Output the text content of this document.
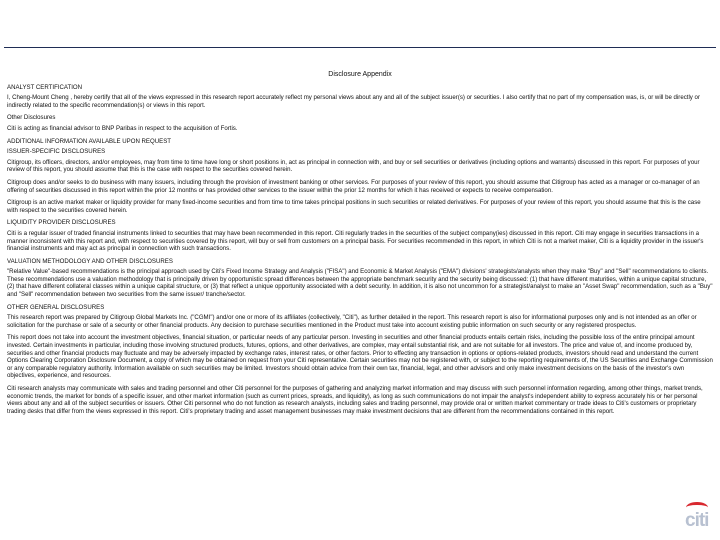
Disclosure Appendix
ANALYST CERTIFICATION
I, Cheng-Mount Cheng , hereby certify that all of the views expressed in this research report accurately reflect my personal views about any and all of the subject issuer(s) or securities. I also certify that no part of my compensation was, is, or will be directly or indirectly related to the specific recommendation(s) or views in this report.
Other Disclosures
Citi is acting as financial advisor to BNP Paribas in respect to the acquisition of Fortis.
ADDITIONAL INFORMATION AVAILABLE UPON REQUEST
ISSUER-SPECIFIC DISCLOSURES
Citigroup, its officers, directors, and/or employees, may from time to time have long or short positions in, act as principal in connection with, and buy or sell securities or derivatives (including options and warrants) discussed in this report. For purposes of your review of this report, you should assume that this is the case with respect to the securities covered herein.
Citigroup does and/or seeks to do business with many issuers, including through the provision of investment banking or other services. For purposes of your review of this report, you should assume that Citigroup has acted as a manager or co-manager of an offering of securities discussed in this report within the prior 12 months or has provided other services to the issuer within the prior 12 months for which it has received or expects to receive compensation.
Citigroup is an active market maker or liquidity provider for many fixed-income securities and from time to time takes principal positions in such securities or related derivatives. For purposes of your review of this report, you should assume that this is the case with respect to the securities covered herein.
LIQUIDITY PROVIDER DISCLOSURES
Citi is a regular issuer of traded financial instruments linked to securities that may have been recommended in this report. Citi regularly trades in the securities of the subject company(ies) discussed in this report. Citi may engage in securities transactions in a manner inconsistent with this report and, with respect to securities covered by this report, will buy or sell from customers on a principal basis. For securities recommended in this report, in which Citi is not a market maker, Citi is a liquidity provider in the issuer's financial instruments and may act as principal in connection with such transactions.
VALUATION METHODOLOGY AND OTHER DISCLOSURES
"Relative Value"-based recommendations is the principal approach used by Citi's Fixed Income Strategy and Analysis ("FISA") and Economic & Market Analysis ("EMA") divisions' strategists/analysts when they make "Buy" and "Sell" recommendations to clients. These recommendations use a valuation methodology that is principally driven by opportunistic spread differences between the appropriate benchmark security and the security being discussed: (1) that have different maturities, within a unique capital structure, (2) that have different collateral classes within a unique capital structure, or (3) that reflect a unique opportunity associated with a debt security. In addition, it is also not uncommon for a strategist/analyst to make an "Asset Swap" recommendation, such as a "Buy" and "Sell" recommendation between two securities from the same issuer/ tranche/sector.
OTHER GENERAL DISCLOSURES
This research report was prepared by Citigroup Global Markets Inc. ("CGMI") and/or one or more of its affiliates (collectively, "Citi"), as further detailed in the report. This research report is also for informational purposes only and is not intended as an offer or solicitation for the purchase or sale of a security or other financial products. Any decision to purchase securities mentioned in the Product must take into account existing public information on such security or any registered prospectus.
This report does not take into account the investment objectives, financial situation, or particular needs of any particular person. Investing in securities and other financial products entails certain risks, including the possible loss of the entire principal amount invested. Certain investments in particular, including those involving structured products, futures, options, and other derivatives, are complex, may entail substantial risk, and are not suitable for all investors. The price and value of, and income produced by, securities and other financial products may fluctuate and may be adversely impacted by exchange rates, interest rates, or other factors. Prior to effecting any transaction in options or options-related products, investors should read and understand the current Options Clearing Corporation Disclosure Document, a copy of which may be obtained on request from your Citi representative. Certain securities may not be registered with, or subject to the reporting requirements of, the US Securities and Exchange Commission or any comparable regulatory authority. Information available on such securities may be limited. Investors should obtain advice from their own tax, financial, legal, and other advisors and only make investment decisions on the basis of the investor's own objectives, experience, and resources.
Citi research analysts may communicate with sales and trading personnel and other Citi personnel for the purposes of gathering and analyzing market information and may discuss with such personnel information regarding, among other things, market trends, economic trends, the market for bonds of a specific issuer, and other market information (such as current prices, spreads, and liquidity), as long as such communications do not impair the analyst's independent ability to express accurately his or her personal views about any and all of the subject securities or issuers. Other Citi personnel who do not function as research analysts, including sales and trading personnel, may provide oral or written market commentary or trade ideas to Citi's customers or proprietary trading desks that differ from the views expressed in this report. Citi's proprietary trading and asset management businesses may make investment decisions that are different from the recommendations contained in this report.
citi
